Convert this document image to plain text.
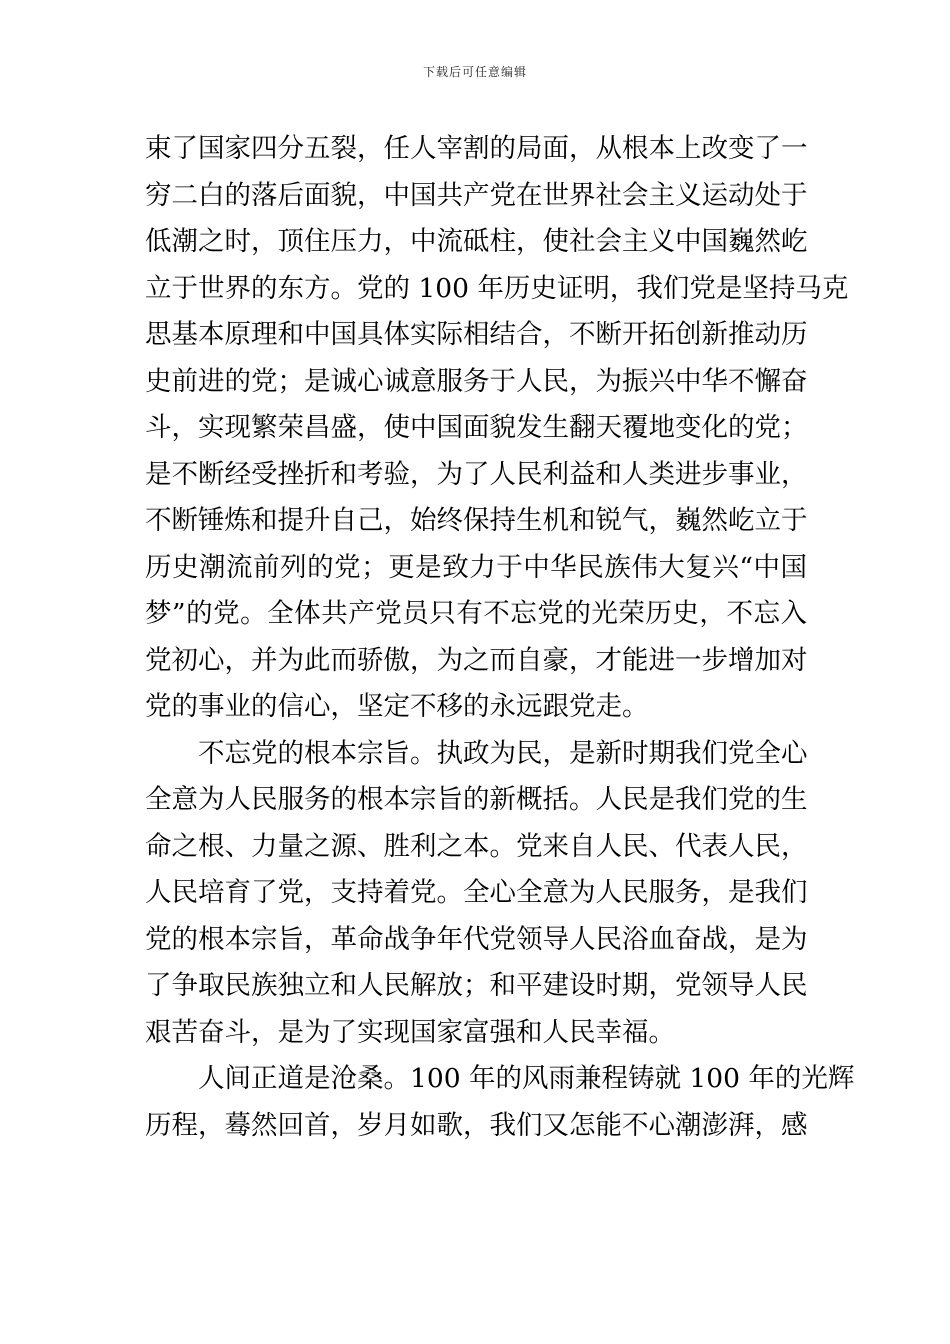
下载后可任意编辑
束了国家四分五裂，任人宰割的局面，从根本上改变了一
穷二白的落后面貌，中国共产党在世界社会主义运动处于
低潮之时，顶住压力，中流砥柱，使社会主义中国巍然屹
立于世界的东方。党的 100 年历史证明，我们党是坚持马克
思基本原理和中国具体实际相结合，不断开拓创新推动历
史前进的党；是诚心诚意服务于人民，为振兴中华不懈奋
斗，实现繁荣昌盛，使中国面貌发生翻天覆地变化的党；
是不断经受挫折和考验，为了人民利益和人类进步事业，
不断锤炼和提升自己，始终保持生机和锐气，巍然屹立于
历史潮流前列的党；更是致力于中华民族伟大复兴“中国
梦”的党。全体共产党员只有不忘党的光荣历史，不忘入
党初心，并为此而骄傲，为之而自豪，才能进一步增加对
党的事业的信心，坚定不移的永远跟党走。
不忘党的根本宗旨。执政为民，是新时期我们党全心
全意为人民服务的根本宗旨的新概括。人民是我们党的生
命之根、力量之源、胜利之本。党来自人民、代表人民，
人民培育了党，支持着党。全心全意为人民服务，是我们
党的根本宗旨，革命战争年代党领导人民浴血奋战，是为
了争取民族独立和人民解放；和平建设时期，党领导人民
艰苦奋斗，是为了实现国家富强和人民幸福。
人间正道是沧桑。100 年的风雨兼程铸就 100 年的光辉
历程，蓦然回首，岁月如歌，我们又怎能不心潮澎湃，感
